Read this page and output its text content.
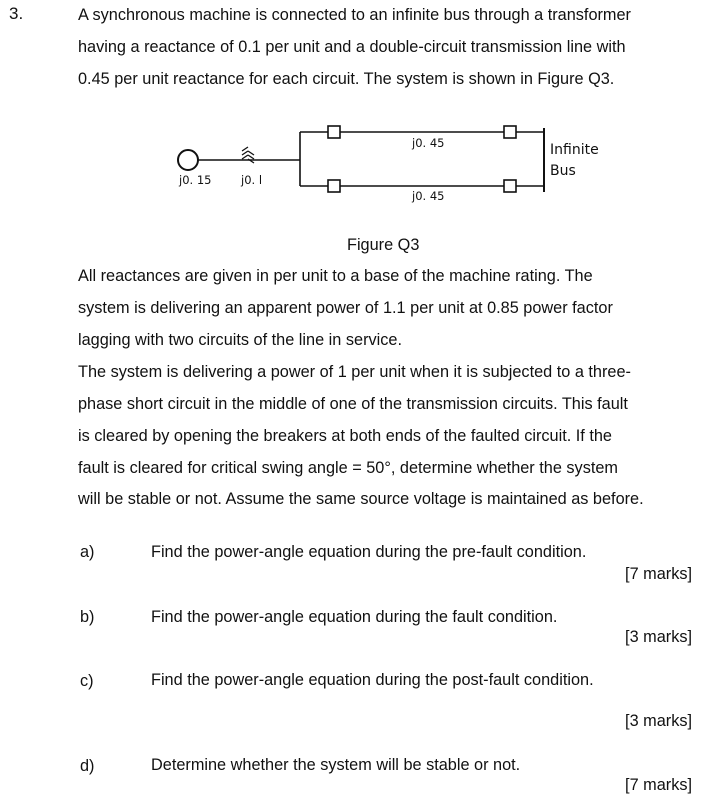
3.	A synchronous machine is connected to an infinite bus through a transformer
having a reactance of 0.1 per unit and a double-circuit transmission line with
0.45 per unit reactance for each circuit. The system is shown in Figure Q3.
j0. 15	j0. l
j0. 45
j0. 45
Infinite
Bus
Figure Q3
All reactances are given in per unit to a base of the machine rating. The
system is delivering an apparent power of 1.1 per unit at 0.85 power factor
lagging with two circuits of the line in service.
The system is delivering a power of 1 per unit when it is subjected to a three-
phase short circuit in the middle of one of the transmission circuits. This fault
is cleared by opening the breakers at both ends of the faulted circuit. If the
fault is cleared for critical swing angle = 50°, determine whether the system
will be stable or not. Assume the same source voltage is maintained as before.
a)	Find the power-angle equation during the pre-fault condition.
[7 marks]
b)	Find the power-angle equation during the fault condition.
[3 marks]
c)	Find the power-angle equation during the post-fault condition.
[3 marks]
d)	Determine whether the system will be stable or not.
[7 marks]
